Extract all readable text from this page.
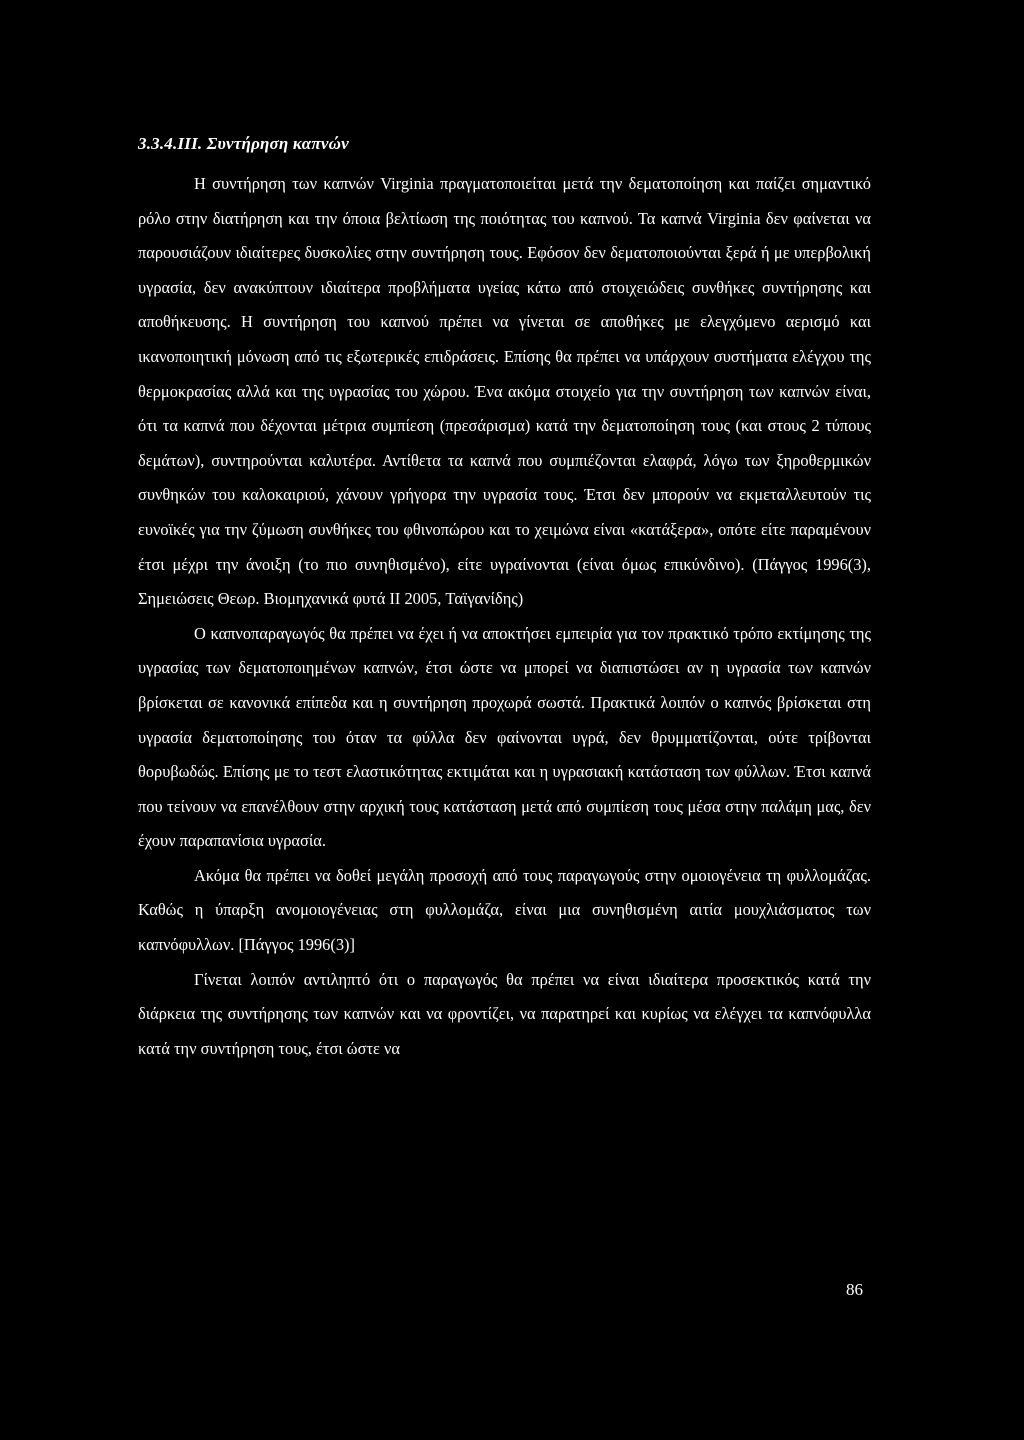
3.3.4.ΙΙΙ. Συντήρηση καπνών

Η συντήρηση των καπνών Virginia πραγματοποιείται μετά την δεματοποίηση και παίζει σημαντικό ρόλο στην διατήρηση και την όποια βελτίωση της ποιότητας του καπνού. Τα καπνά Virginia δεν φαίνεται να παρουσιάζουν ιδιαίτερες δυσκολίες στην συντήρηση τους. Εφόσον δεν δεματοποιούνται ξερά ή με υπερβολική υγρασία, δεν ανακύπτουν ιδιαίτερα προβλήματα υγείας κάτω από στοιχειώδεις συνθήκες συντήρησης και αποθήκευσης. Η συντήρηση του καπνού πρέπει να γίνεται σε αποθήκες με ελεγχόμενο αερισμό και ικανοποιητική μόνωση από τις εξωτερικές επιδράσεις. Επίσης θα πρέπει να υπάρχουν συστήματα ελέγχου της θερμοκρασίας αλλά και της υγρασίας του χώρου. Ένα ακόμα στοιχείο για την συντήρηση των καπνών είναι, ότι τα καπνά που δέχονται μέτρια συμπίεση (πρεσάρισμα) κατά την δεματοποίηση τους (και στους 2 τύπους δεμάτων), συντηρούνται καλυτέρα. Αντίθετα τα καπνά που συμπιέζονται ελαφρά, λόγω των ξηροθερμικών συνθηκών του καλοκαιριού, χάνουν γρήγορα την υγρασία τους. Έτσι δεν μπορούν να εκμεταλλευτούν τις ευνοϊκές για την ζύμωση συνθήκες του φθινοπώρου και το χειμώνα είναι «κατάξερα», οπότε είτε παραμένουν έτσι μέχρι την άνοιξη (το πιο συνηθισμένο), είτε υγραίνονται (είναι όμως επικύνδινο). (Πάγγος 1996(3), Σημειώσεις Θεωρ. Βιομηχανικά φυτά II 2005, Ταϊγανίδης)

Ο καπνοπαραγωγός θα πρέπει να έχει ή να αποκτήσει εμπειρία για τον πρακτικό τρόπο εκτίμησης της υγρασίας των δεματοποιημένων καπνών, έτσι ώστε να μπορεί να διαπιστώσει αν η υγρασία των καπνών βρίσκεται σε κανονικά επίπεδα και η συντήρηση προχωρά σωστά. Πρακτικά λοιπόν ο καπνός βρίσκεται στη υγρασία δεματοποίησης του όταν τα φύλλα δεν φαίνονται υγρά, δεν θρυμματίζονται, ούτε τρίβονται θορυβωδώς. Επίσης με το τεστ ελαστικότητας εκτιμάται και η υγρασιακή κατάσταση των φύλλων. Έτσι καπνά που τείνουν να επανέλθουν στην αρχική τους κατάσταση μετά από συμπίεση τους μέσα στην παλάμη μας, δεν έχουν παραπανίσια υγρασία.

Ακόμα θα πρέπει να δοθεί μεγάλη προσοχή από τους παραγωγούς στην ομοιογένεια τη φυλλομάζας. Καθώς η ύπαρξη ανομοιογένειας στη φυλλομάζα, είναι μια συνηθισμένη αιτία μουχλιάσματος των καπνόφυλλων. [Πάγγος 1996(3)]

Γίνεται λοιπόν αντιληπτό ότι ο παραγωγός θα πρέπει να είναι ιδιαίτερα προσεκτικός κατά την διάρκεια της συντήρησης των καπνών και να φροντίζει, να παρατηρεί και κυρίως να ελέγχει τα καπνόφυλλα κατά την συντήρηση τους, έτσι ώστε να

86
